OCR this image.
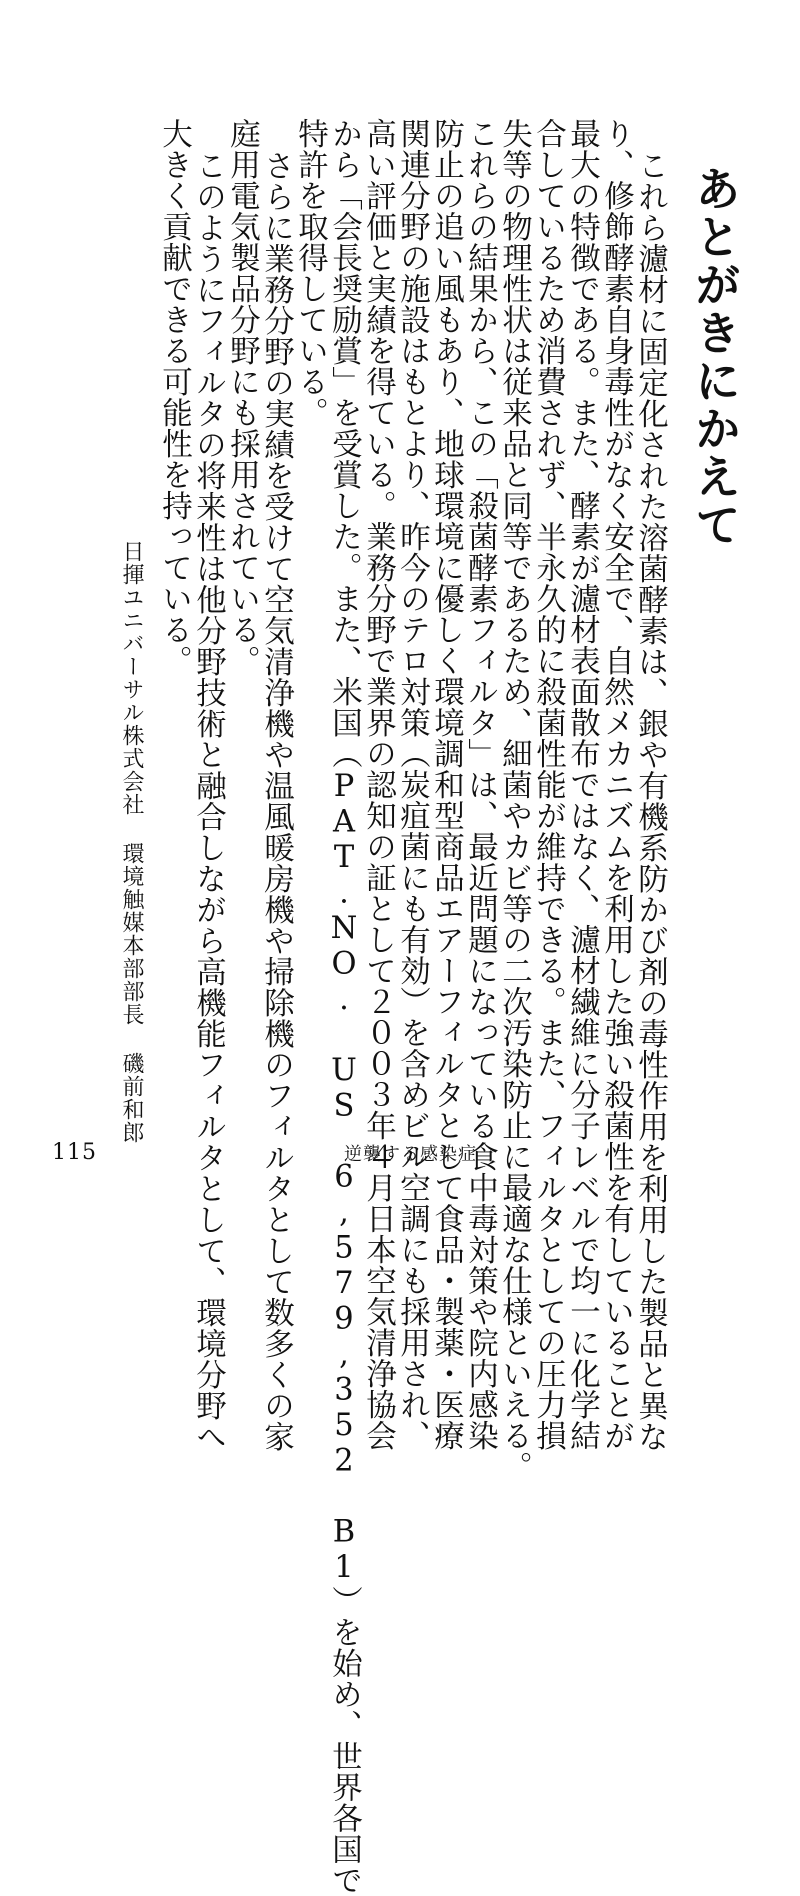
あとがきにかえて
これら濾材に固定化された溶菌酵素は、銀や有機系防かび剤の毒性作用を利用した製品と異な
り、修飾酵素自身毒性がなく安全で、自然メカニズムを利用した強い殺菌性を有していることが
最大の特徴である。また、酵素が濾材表面散布ではなく、濾材繊維に分子レベルで均一に化学結
合しているため消費されず、半永久的に殺菌性能が維持できる。また、フィルタとしての圧力損
失等の物理性状は従来品と同等であるため、細菌やカビ等の二次汚染防止に最適な仕様といえる。
これらの結果から、この「殺菌酵素フィルタ」は、最近問題になっている食中毒対策や院内感染
防止の追い風もあり、地球環境に優しく環境調和型商品エアーフィルタとして食品・製薬・医療
関連分野の施設はもとより、昨今のテロ対策（炭疽菌にも有効）を含めビル空調にも採用され、
高い評価と実績を得ている。業務分野で業界の認知の証として２００３年４月日本空気清浄協会
から「会長奨励賞」を受賞した。また、米国（PAT.NO. US 6,579,352 B1）を始め、世界各国で
特許を取得している。
さらに業務分野の実績を受けて空気清浄機や温風暖房機や掃除機のフィルタとして数多くの家
庭用電気製品分野にも採用されている。
このようにフィルタの将来性は他分野技術と融合しながら高機能フィルタとして、環境分野へ
大きく貢献できる可能性を持っている。
日揮ユニバーサル株式会社環境触媒本部部長磯前和郎
115	逆襲する感染症
